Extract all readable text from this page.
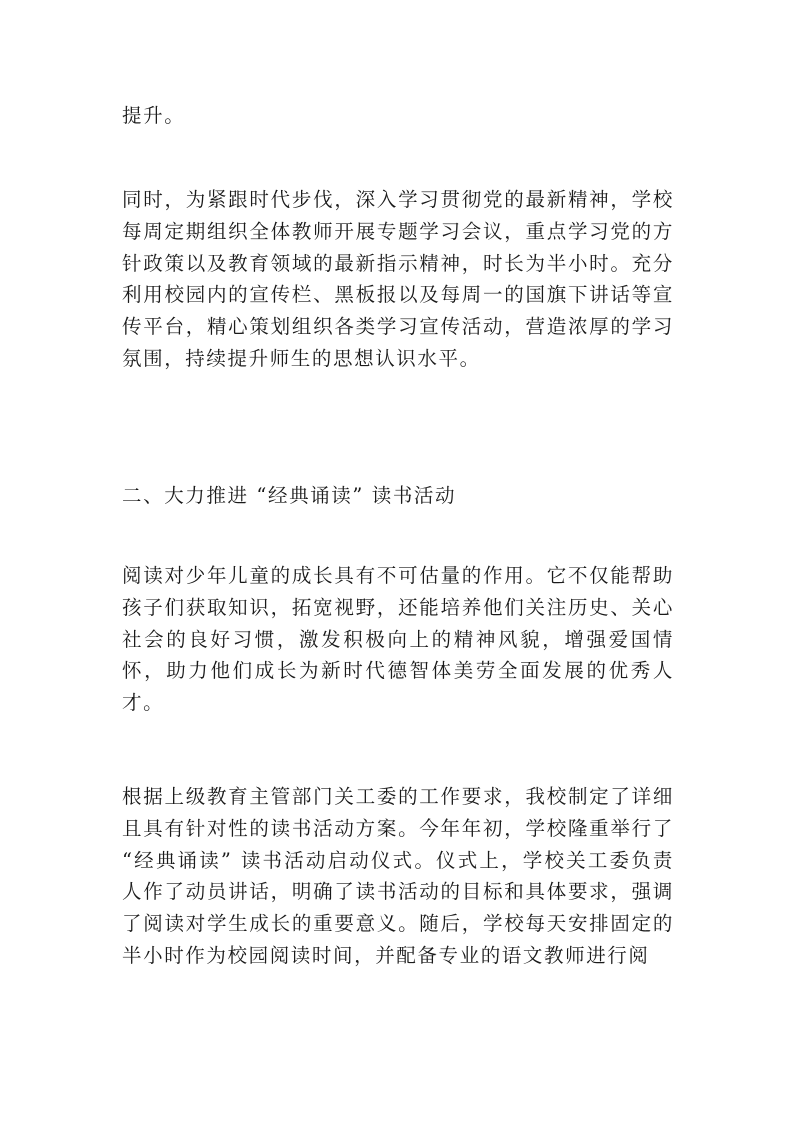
提升。

同时，为紧跟时代步伐，深入学习贯彻党的最新精神，学校每周定期组织全体教师开展专题学习会议，重点学习党的方针政策以及教育领域的最新指示精神，时长为半小时。充分利用校园内的宣传栏、黑板报以及每周一的国旗下讲话等宣传平台，精心策划组织各类学习宣传活动，营造浓厚的学习氛围，持续提升师生的思想认识水平。

二、大力推进 “经典诵读” 读书活动

阅读对少年儿童的成长具有不可估量的作用。它不仅能帮助孩子们获取知识，拓宽视野，还能培养他们关注历史、关心社会的良好习惯，激发积极向上的精神风貌，增强爱国情怀，助力他们成长为新时代德智体美劳全面发展的优秀人才。

根据上级教育主管部门关工委的工作要求，我校制定了详细且具有针对性的读书活动方案。今年年初，学校隆重举行了 “经典诵读” 读书活动启动仪式。仪式上，学校关工委负责人作了动员讲话，明确了读书活动的目标和具体要求，强调了阅读对学生成长的重要意义。随后，学校每天安排固定的半小时作为校园阅读时间，并配备专业的语文教师进行阅
